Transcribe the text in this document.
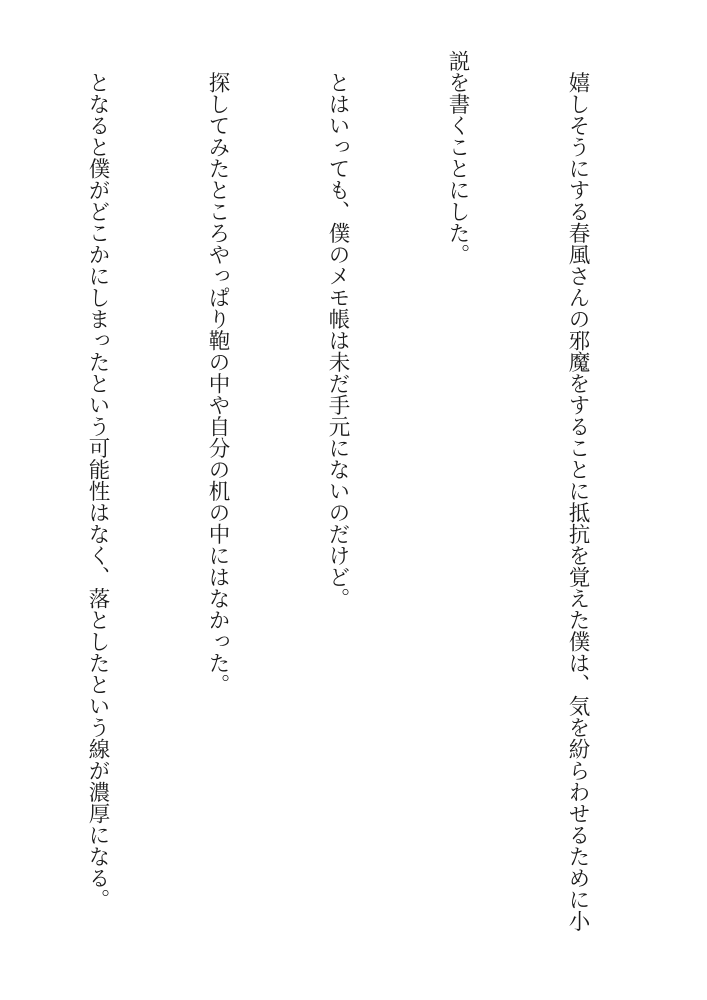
　嬉しそうにする春風さんの邪魔をすることに抵抗を覚えた僕は、気を紛らわせるために小

説を書くことにした。

　とはいっても、僕のメモ帳は未だ手元にないのだけど。

　探してみたところやっぱり鞄の中や自分の机の中にはなかった。

　となると僕がどこかにしまったという可能性はなく、落としたという線が濃厚になる。
